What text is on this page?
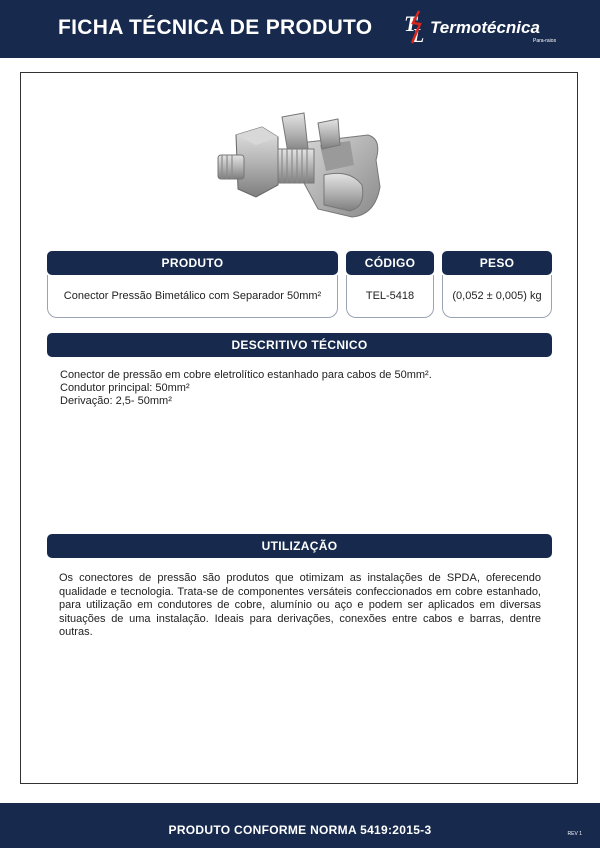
FICHA TÉCNICA DE PRODUTO T
L Termotécnica
Para-raios
PRODUTO	CÓDIGO	PESO
Conector Pressão Bimetálico com Separador 50mm²	TEL-5418	(0,052 ± 0,005) kg
DESCRITIVO TÉCNICO
Conector de pressão em cobre eletrolítico estanhado para cabos de 50mm².
Condutor principal: 50mm²
Derivação: 2,5- 50mm²
UTILIZAÇÃO
Os conectores de pressão são produtos que otimizam as instalações de SPDA, oferecendo qualidade e tecnologia. Trata-se de componentes versáteis confeccionados em cobre estanhado, para utilização em condutores de cobre, alumínio ou aço e podem ser aplicados em diversas situações de uma instalação. Ideais para derivações, conexões entre cabos e barras, dentre outras.
PRODUTO CONFORME NORMA 5419:2015-3	REV 1
